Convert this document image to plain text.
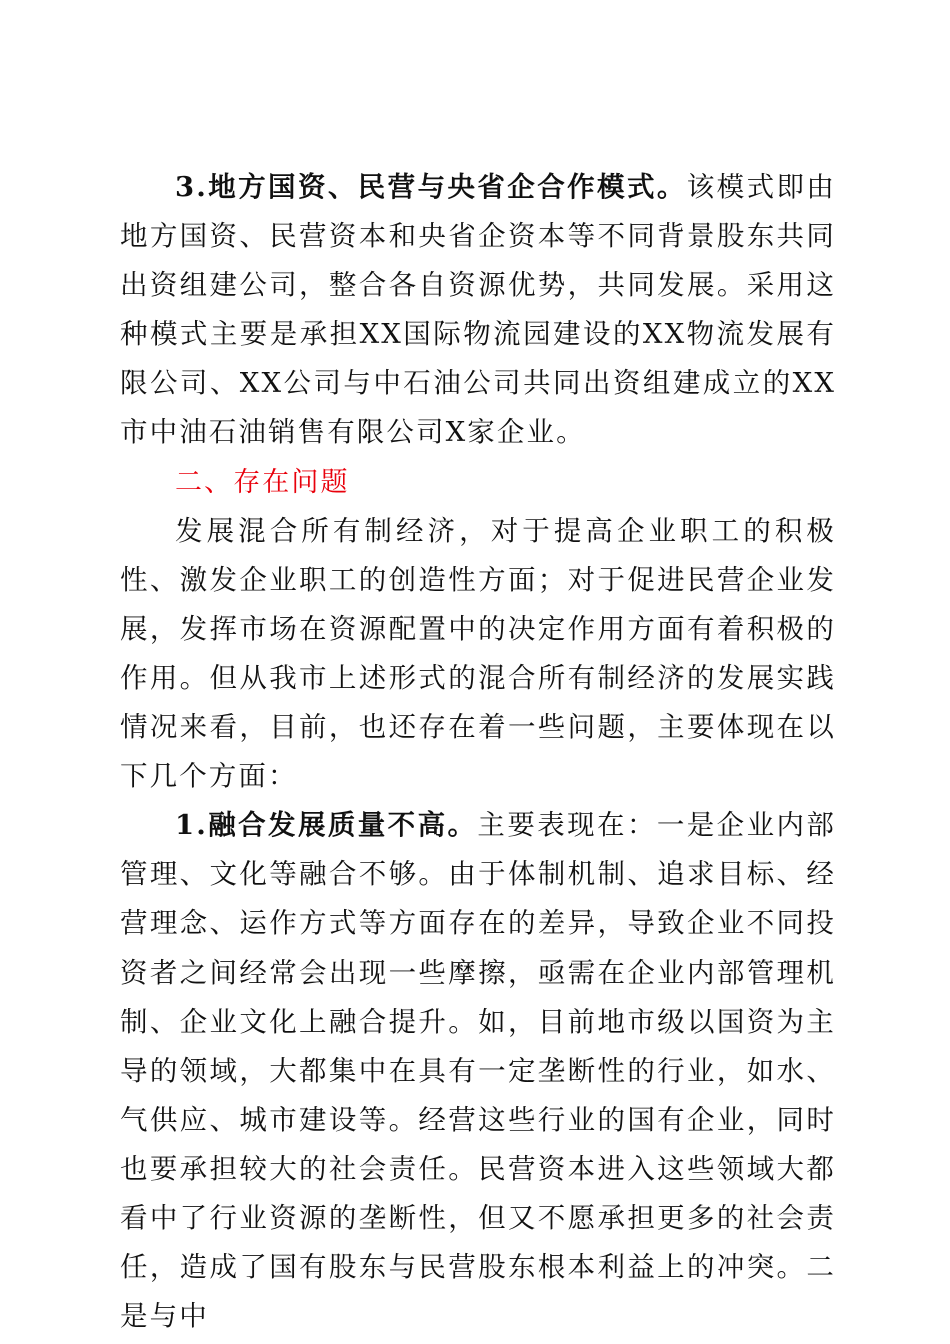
3.地方国资、民营与央省企合作模式。该模式即由地方国资、民营资本和央省企资本等不同背景股东共同出资组建公司，整合各自资源优势，共同发展。采用这种模式主要是承担XX国际物流园建设的XX物流发展有限公司、XX公司与中石油公司共同出资组建成立的XX市中油石油销售有限公司X家企业。

二、存在问题

发展混合所有制经济，对于提高企业职工的积极性、激发企业职工的创造性方面；对于促进民营企业发展，发挥市场在资源配置中的决定作用方面有着积极的作用。但从我市上述形式的混合所有制经济的发展实践情况来看，目前，也还存在着一些问题，主要体现在以下几个方面：

1.融合发展质量不高。主要表现在：一是企业内部管理、文化等融合不够。由于体制机制、追求目标、经营理念、运作方式等方面存在的差异，导致企业不同投资者之间经常会出现一些摩擦，亟需在企业内部管理机制、企业文化上融合提升。如，目前地市级以国资为主导的领域，大都集中在具有一定垄断性的行业，如水、气供应、城市建设等。经营这些行业的国有企业，同时也要承担较大的社会责任。民营资本进入这些领域大都看中了行业资源的垄断性，但又不愿承担更多的社会责任，造成了国有股东与民营股东根本利益上的冲突。二是与中
